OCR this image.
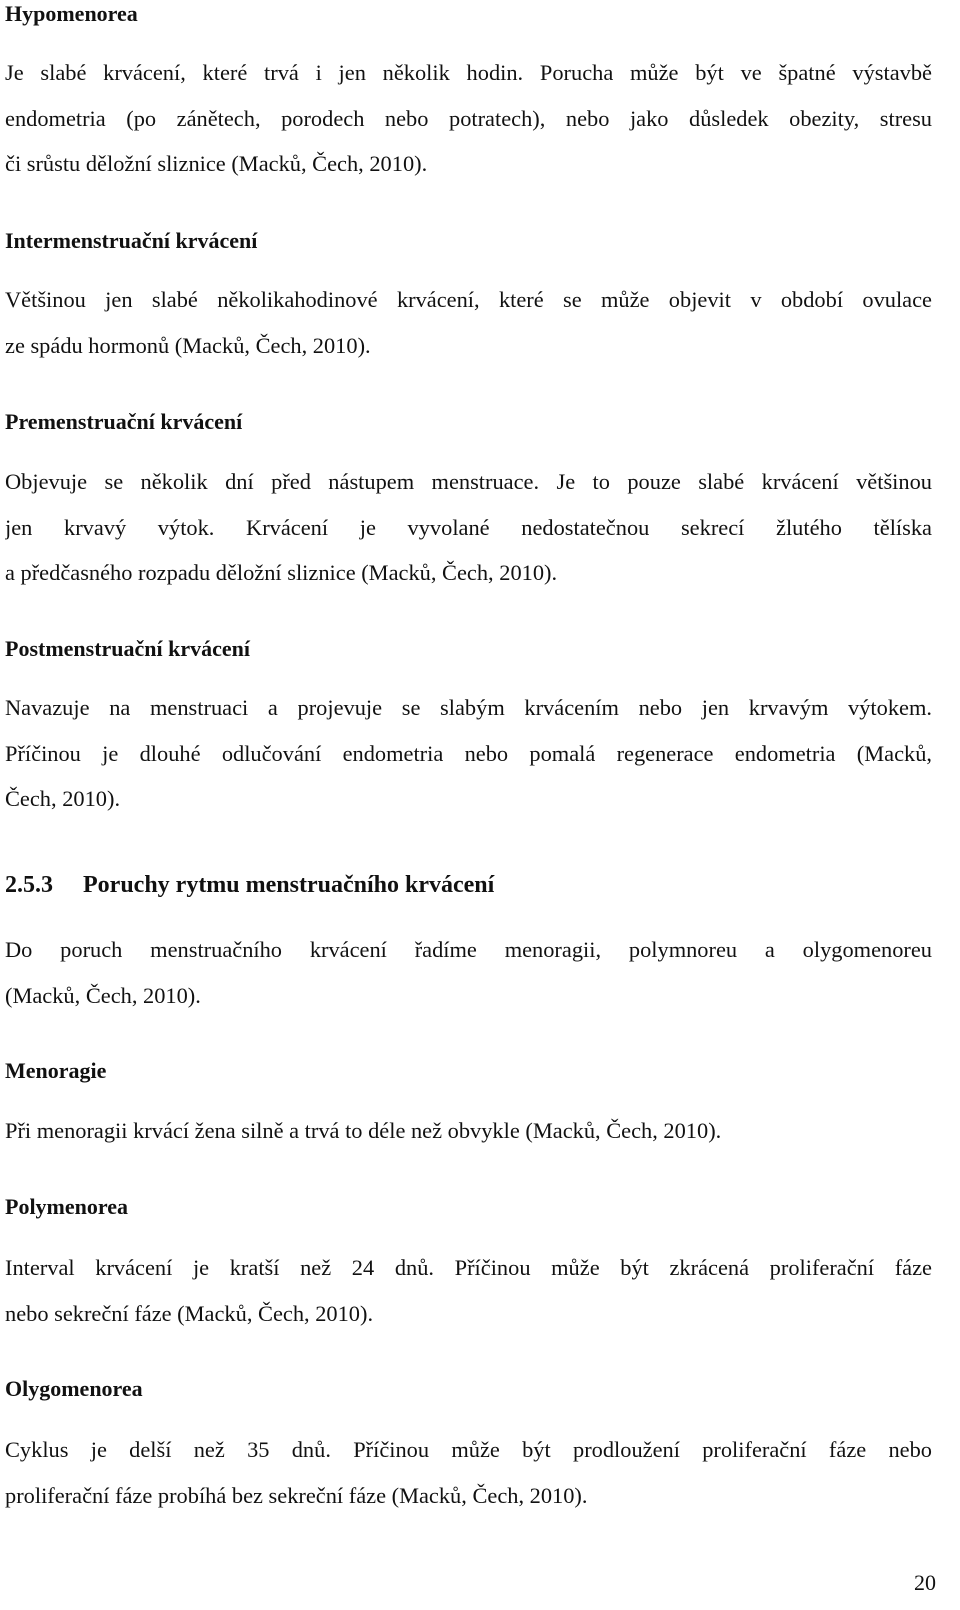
Hypomenorea
Je slabé krvácení, které trvá i jen několik hodin. Porucha může být ve špatné výstavbě
endometria (po zánětech, porodech nebo potratech), nebo jako důsledek obezity, stresu
či srůstu děložní sliznice (Macků, Čech, 2010).
Intermenstruační krvácení
Většinou jen slabé několikahodinové krvácení, které se může objevit v období ovulace
ze spádu hormonů (Macků, Čech, 2010).
Premenstruační krvácení
Objevuje se několik dní před nástupem menstruace. Je to pouze slabé krvácení většinou
jen krvavý výtok. Krvácení je vyvolané nedostatečnou sekrecí žlutého tělíska
a předčasného rozpadu děložní sliznice (Macků, Čech, 2010).
Postmenstruační krvácení
Navazuje na menstruaci a projevuje se slabým krvácením nebo jen krvavým výtokem.
Příčinou je dlouhé odlučování endometria nebo pomalá regenerace endometria (Macků,
Čech, 2010).
2.5.3 Poruchy rytmu menstruačního krvácení
Do poruch menstruačního krvácení řadíme menoragii, polymnoreu a olygomenoreu
(Macků, Čech, 2010).
Menoragie
Při menoragii krvácí žena silně a trvá to déle než obvykle (Macků, Čech, 2010).
Polymenorea
Interval krvácení je kratší než 24 dnů. Příčinou může být zkrácená proliferační fáze
nebo sekreční fáze (Macků, Čech, 2010).
Olygomenorea
Cyklus je delší než 35 dnů. Příčinou může být prodloužení proliferační fáze nebo
proliferační fáze probíhá bez sekreční fáze (Macků, Čech, 2010).
20
